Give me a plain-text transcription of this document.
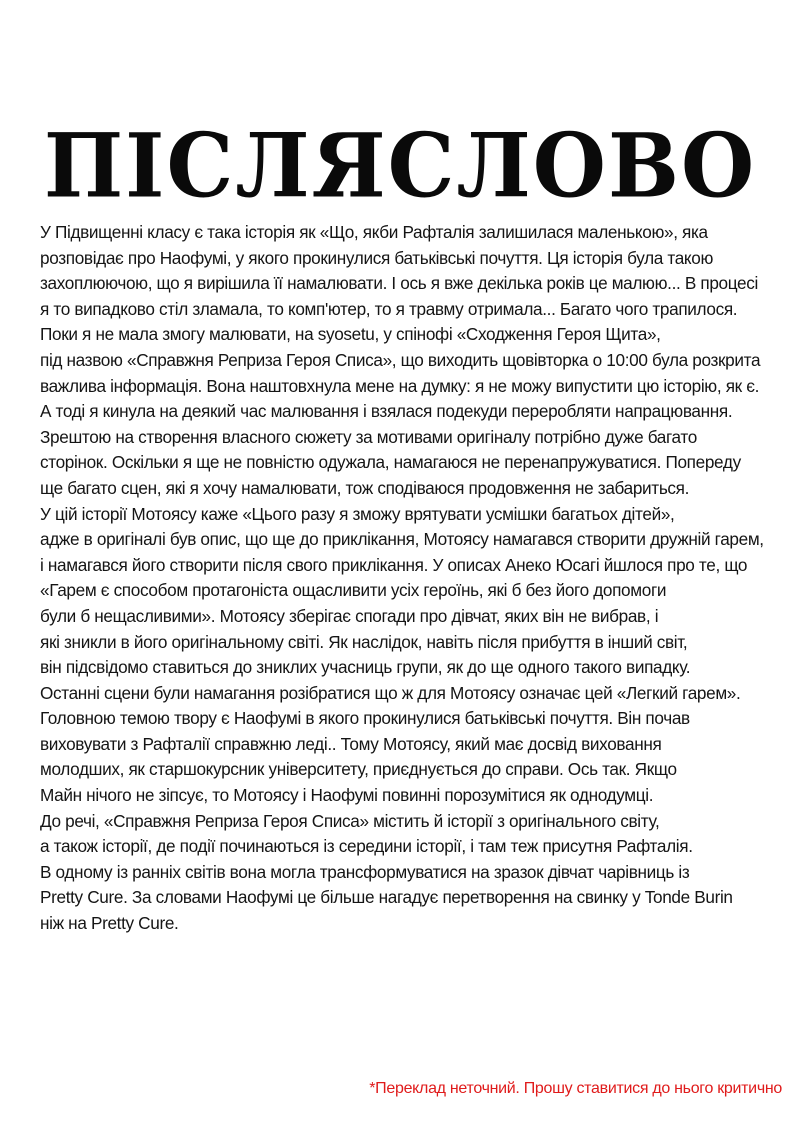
ПІСЛЯСЛОВО
У Підвищенні класу є така історія як «Що, якби Рафталія залишилася маленькою», яка
розповідає про Наофумі, у якого прокинулися батьківські почуття. Ця історія була такою
захоплюючою, що я вирішила її намалювати. І ось я вже декілька років це малюю... В процесі
я то випадково стіл зламала, то комп'ютер, то я травму отримала... Багато чого трапилося.
Поки я не мала змогу малювати, на syosetu, у спінофі «Сходження Героя Щита»,
під назвою «Справжня Реприза Героя Списа», що виходить щовівторка о 10:00 була розкрита
важлива інформація. Вона наштовхнула мене на думку: я не можу випустити цю історію, як є.
А тоді я кинула на деякий час малювання і взялася подекуди переробляти напрацювання.
Зрештою на створення власного сюжету за мотивами оригіналу потрібно дуже багато
сторінок. Оскільки я ще не повністю одужала, намагаюся не перенапружуватися. Попереду
ще багато сцен, які я хочу намалювати, тож сподіваюся продовження не забариться.
У цій історії Мотоясу каже «Цього разу я зможу врятувати усмішки багатьох дітей»,
адже в оригіналі був опис, що ще до приклікання, Мотоясу намагався створити дружній гарем,
і намагався його створити після свого приклікання. У описах Анеко Юсагі йшлося про те, що
«Гарем є способом протагоніста ощасливити усіх героїнь, які б без його допомоги
були б нещасливими». Мотоясу зберігає спогади про дівчат, яких він не вибрав, і
які зникли в його оригінальному світі. Як наслідок, навіть після прибуття в інший світ,
він підсвідомо ставиться до зниклих учасниць групи, як до ще одного такого випадку.
Останні сцени були намагання розібратися що ж для Мотоясу означає цей «Легкий гарем».
Головною темою твору є Наофумі в якого прокинулися батьківські почуття. Він почав
виховувати з Рафталії справжню леді.. Тому Мотоясу, який має досвід виховання
молодших, як старшокурсник університету, приєднується до справи. Ось так. Якщо
Майн нічого не зіпсує, то Мотоясу і Наофумі повинні порозумітися як однодумці.
До речі, «Справжня Реприза Героя Списа» містить й історії з оригінального світу,
а також історії, де події починаються із середини історії, і там теж присутня Рафталія.
В одному із ранніх світів вона могла трансформуватися на зразок дівчат чарівниць із
Pretty Cure. За словами Наофумі це більше нагадує перетворення на свинку у Tonde Burin
ніж на Pretty Cure.
*Переклад неточний. Прошу ставитися до нього критично
